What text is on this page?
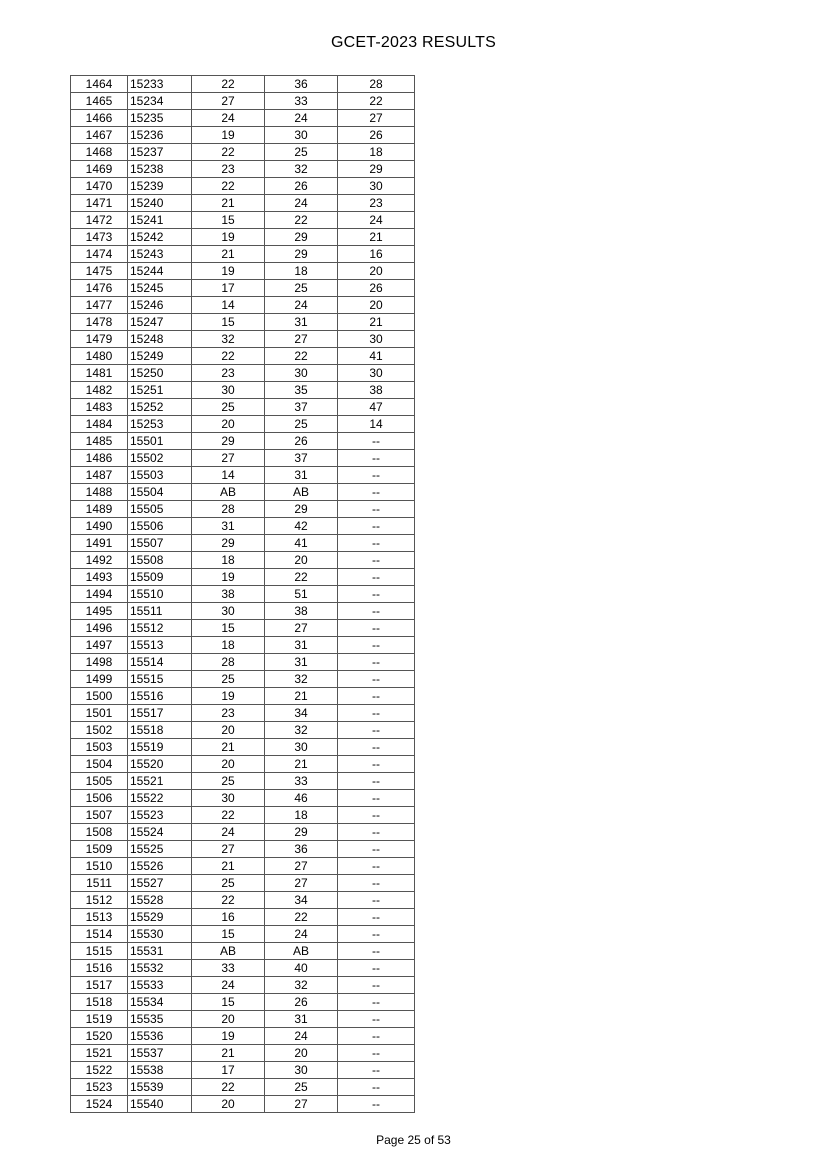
GCET-2023 RESULTS
1464	15233	22	36	28
1465	15234	27	33	22
1466	15235	24	24	27
1467	15236	19	30	26
1468	15237	22	25	18
1469	15238	23	32	29
1470	15239	22	26	30
1471	15240	21	24	23
1472	15241	15	22	24
1473	15242	19	29	21
1474	15243	21	29	16
1475	15244	19	18	20
1476	15245	17	25	26
1477	15246	14	24	20
1478	15247	15	31	21
1479	15248	32	27	30
1480	15249	22	22	41
1481	15250	23	30	30
1482	15251	30	35	38
1483	15252	25	37	47
1484	15253	20	25	14
1485	15501	29	26	--
1486	15502	27	37	--
1487	15503	14	31	--
1488	15504	AB	AB	--
1489	15505	28	29	--
1490	15506	31	42	--
1491	15507	29	41	--
1492	15508	18	20	--
1493	15509	19	22	--
1494	15510	38	51	--
1495	15511	30	38	--
1496	15512	15	27	--
1497	15513	18	31	--
1498	15514	28	31	--
1499	15515	25	32	--
1500	15516	19	21	--
1501	15517	23	34	--
1502	15518	20	32	--
1503	15519	21	30	--
1504	15520	20	21	--
1505	15521	25	33	--
1506	15522	30	46	--
1507	15523	22	18	--
1508	15524	24	29	--
1509	15525	27	36	--
1510	15526	21	27	--
1511	15527	25	27	--
1512	15528	22	34	--
1513	15529	16	22	--
1514	15530	15	24	--
1515	15531	AB	AB	--
1516	15532	33	40	--
1517	15533	24	32	--
1518	15534	15	26	--
1519	15535	20	31	--
1520	15536	19	24	--
1521	15537	21	20	--
1522	15538	17	30	--
1523	15539	22	25	--
1524	15540	20	27	--
Page 25 of 53
